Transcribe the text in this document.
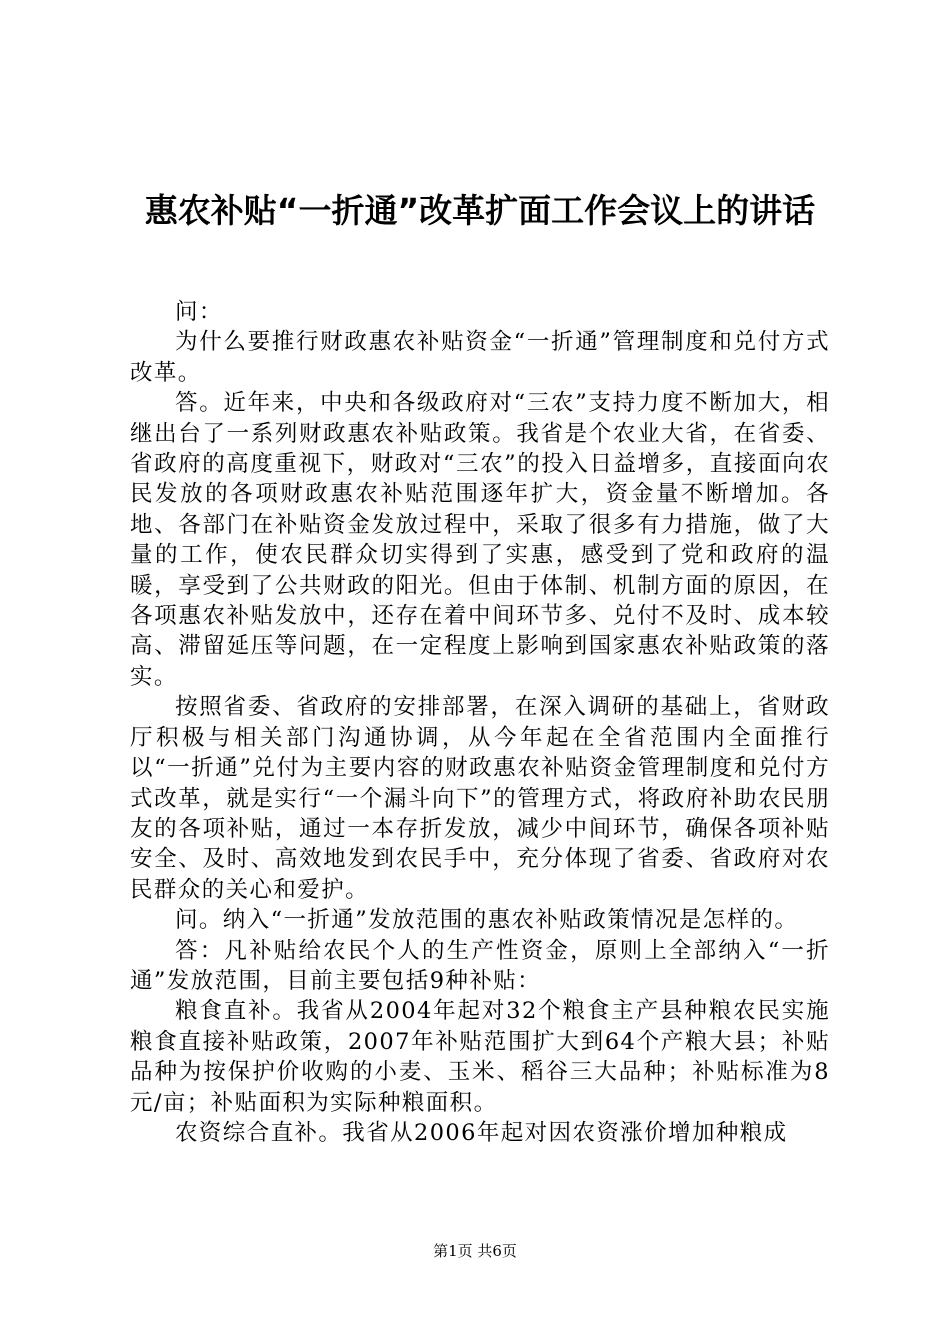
惠农补贴“一折通”改革扩面工作会议上的讲话

问：

为什么要推行财政惠农补贴资金“一折通”管理制度和兑付方式改革。

答。近年来，中央和各级政府对“三农”支持力度不断加大，相继出台了一系列财政惠农补贴政策。我省是个农业大省，在省委、省政府的高度重视下，财政对“三农”的投入日益增多，直接面向农民发放的各项财政惠农补贴范围逐年扩大，资金量不断增加。各地、各部门在补贴资金发放过程中，采取了很多有力措施，做了大量的工作，使农民群众切实得到了实惠，感受到了党和政府的温暖，享受到了公共财政的阳光。但由于体制、机制方面的原因，在各项惠农补贴发放中，还存在着中间环节多、兑付不及时、成本较高、滞留延压等问题，在一定程度上影响到国家惠农补贴政策的落实。

按照省委、省政府的安排部署，在深入调研的基础上，省财政厅积极与相关部门沟通协调，从今年起在全省范围内全面推行以“一折通”兑付为主要内容的财政惠农补贴资金管理制度和兑付方式改革，就是实行“一个漏斗向下”的管理方式，将政府补助农民朋友的各项补贴，通过一本存折发放，减少中间环节，确保各项补贴安全、及时、高效地发到农民手中，充分体现了省委、省政府对农民群众的关心和爱护。

问。纳入“一折通”发放范围的惠农补贴政策情况是怎样的。

答：凡补贴给农民个人的生产性资金，原则上全部纳入“一折通”发放范围，目前主要包括9种补贴：

粮食直补。我省从2004年起对32个粮食主产县种粮农民实施粮食直接补贴政策，2007年补贴范围扩大到64个产粮大县；补贴品种为按保护价收购的小麦、玉米、稻谷三大品种；补贴标准为8元/亩；补贴面积为实际种粮面积。

农资综合直补。我省从2006年起对因农资涨价增加种粮成

第1页 共6页
